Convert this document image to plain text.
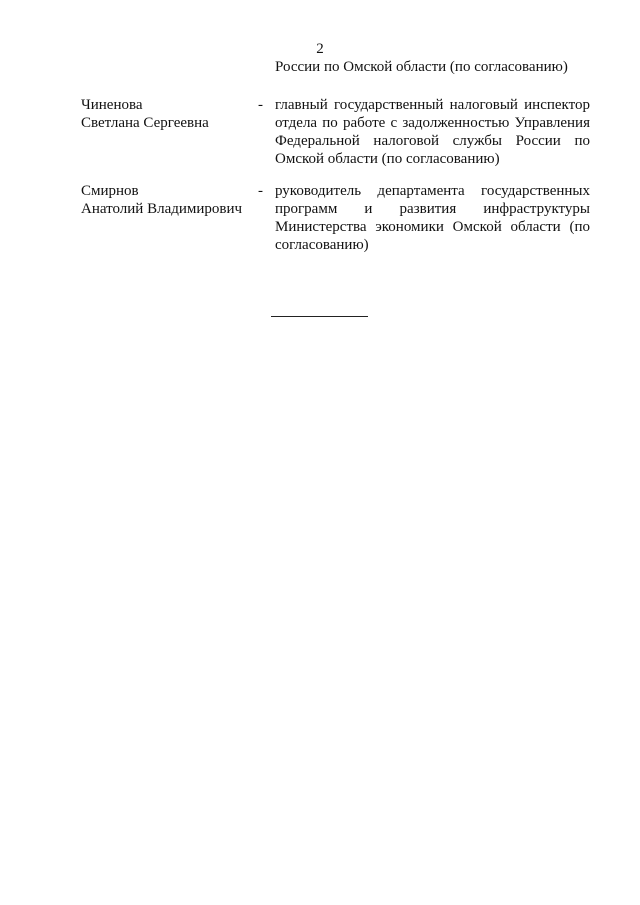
2
России по Омской области (по согласованию)
Чиненова
Светлана Сергеевна
- главный государственный налоговый инспектор
отдела по работе с задолженностью Управления
Федеральной налоговой службы России по
Омской области (по согласованию)
Смирнов
Анатолий Владимирович
- руководитель департамента государственных
программ и развития инфраструктуры
Министерства экономики Омской области (по
согласованию)
